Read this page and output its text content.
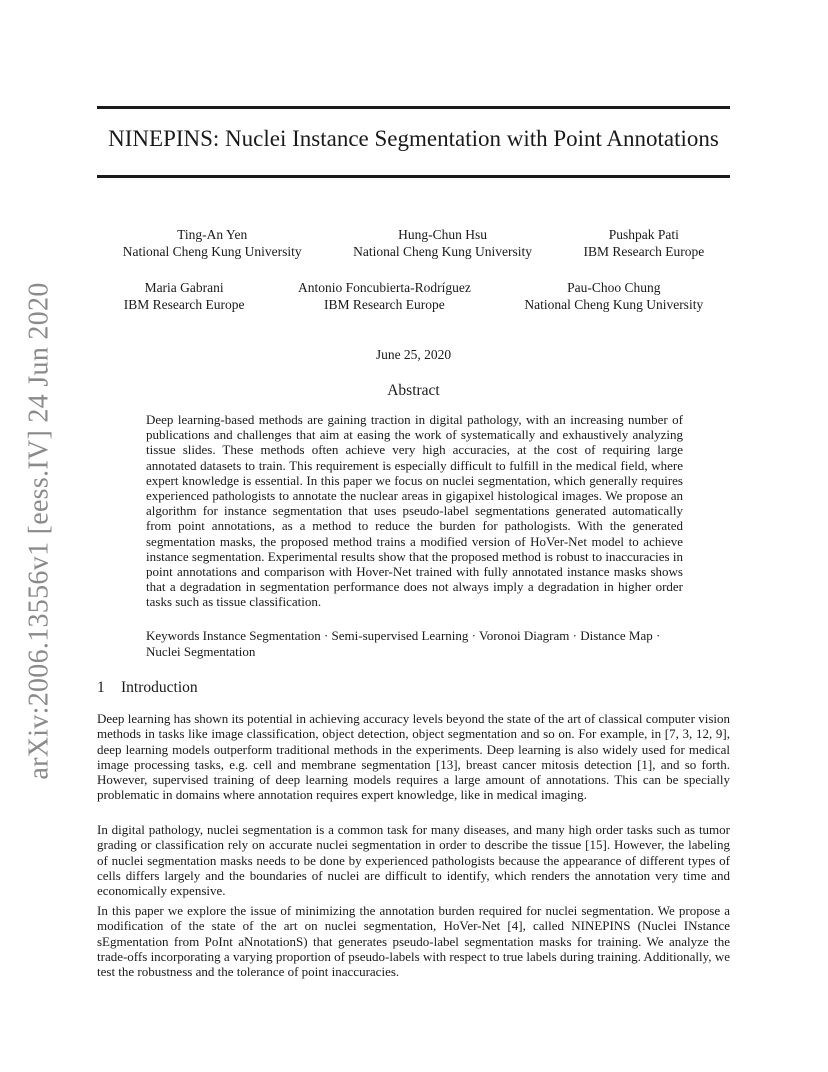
arXiv:2006.13556v1 [eess.IV] 24 Jun 2020
NINEPINS: Nuclei Instance Segmentation with Point Annotations
Ting-An Yen
National Cheng Kung University
Hung-Chun Hsu
National Cheng Kung University
Pushpak Pati
IBM Research Europe
Maria Gabrani
IBM Research Europe
Antonio Foncubierta-Rodríguez
IBM Research Europe
Pau-Choo Chung
National Cheng Kung University
June 25, 2020
Abstract

Deep learning-based methods are gaining traction in digital pathology, with an increasing number of publications and challenges that aim at easing the work of systematically and exhaustively analyzing tissue slides. These methods often achieve very high accuracies, at the cost of requiring large annotated datasets to train. This requirement is especially difficult to fulfill in the medical field, where expert knowledge is essential. In this paper we focus on nuclei segmentation, which generally requires experienced pathologists to annotate the nuclear areas in gigapixel histological images. We propose an algorithm for instance segmentation that uses pseudo-label segmentations generated automatically from point annotations, as a method to reduce the burden for pathologists. With the generated segmentation masks, the proposed method trains a modified version of HoVer-Net model to achieve instance segmentation. Experimental results show that the proposed method is robust to inaccuracies in point annotations and comparison with Hover-Net trained with fully annotated instance masks shows that a degradation in segmentation performance does not always imply a degradation in higher order tasks such as tissue classification.

Keywords Instance Segmentation · Semi-supervised Learning · Voronoi Diagram · Distance Map · Nuclei Segmentation

1 Introduction

Deep learning has shown its potential in achieving accuracy levels beyond the state of the art of classical computer vision methods in tasks like image classification, object detection, object segmentation and so on. For example, in [7, 3, 12, 9], deep learning models outperform traditional methods in the experiments. Deep learning is also widely used for medical image processing tasks, e.g. cell and membrane segmentation [13], breast cancer mitosis detection [1], and so forth. However, supervised training of deep learning models requires a large amount of annotations. This can be specially problematic in domains where annotation requires expert knowledge, like in medical imaging.

In digital pathology, nuclei segmentation is a common task for many diseases, and many high order tasks such as tumor grading or classification rely on accurate nuclei segmentation in order to describe the tissue [15]. However, the labeling of nuclei segmentation masks needs to be done by experienced pathologists because the appearance of different types of cells differs largely and the boundaries of nuclei are difficult to identify, which renders the annotation very time and economically expensive.

In this paper we explore the issue of minimizing the annotation burden required for nuclei segmentation. We propose a modification of the state of the art on nuclei segmentation, HoVer-Net [4], called NINEPINS (Nuclei INstance sEgmentation from PoInt aNnotationS) that generates pseudo-label segmentation masks for training. We analyze the trade-offs incorporating a varying proportion of pseudo-labels with respect to true labels during training. Additionally, we test the robustness and the tolerance of point inaccuracies.
